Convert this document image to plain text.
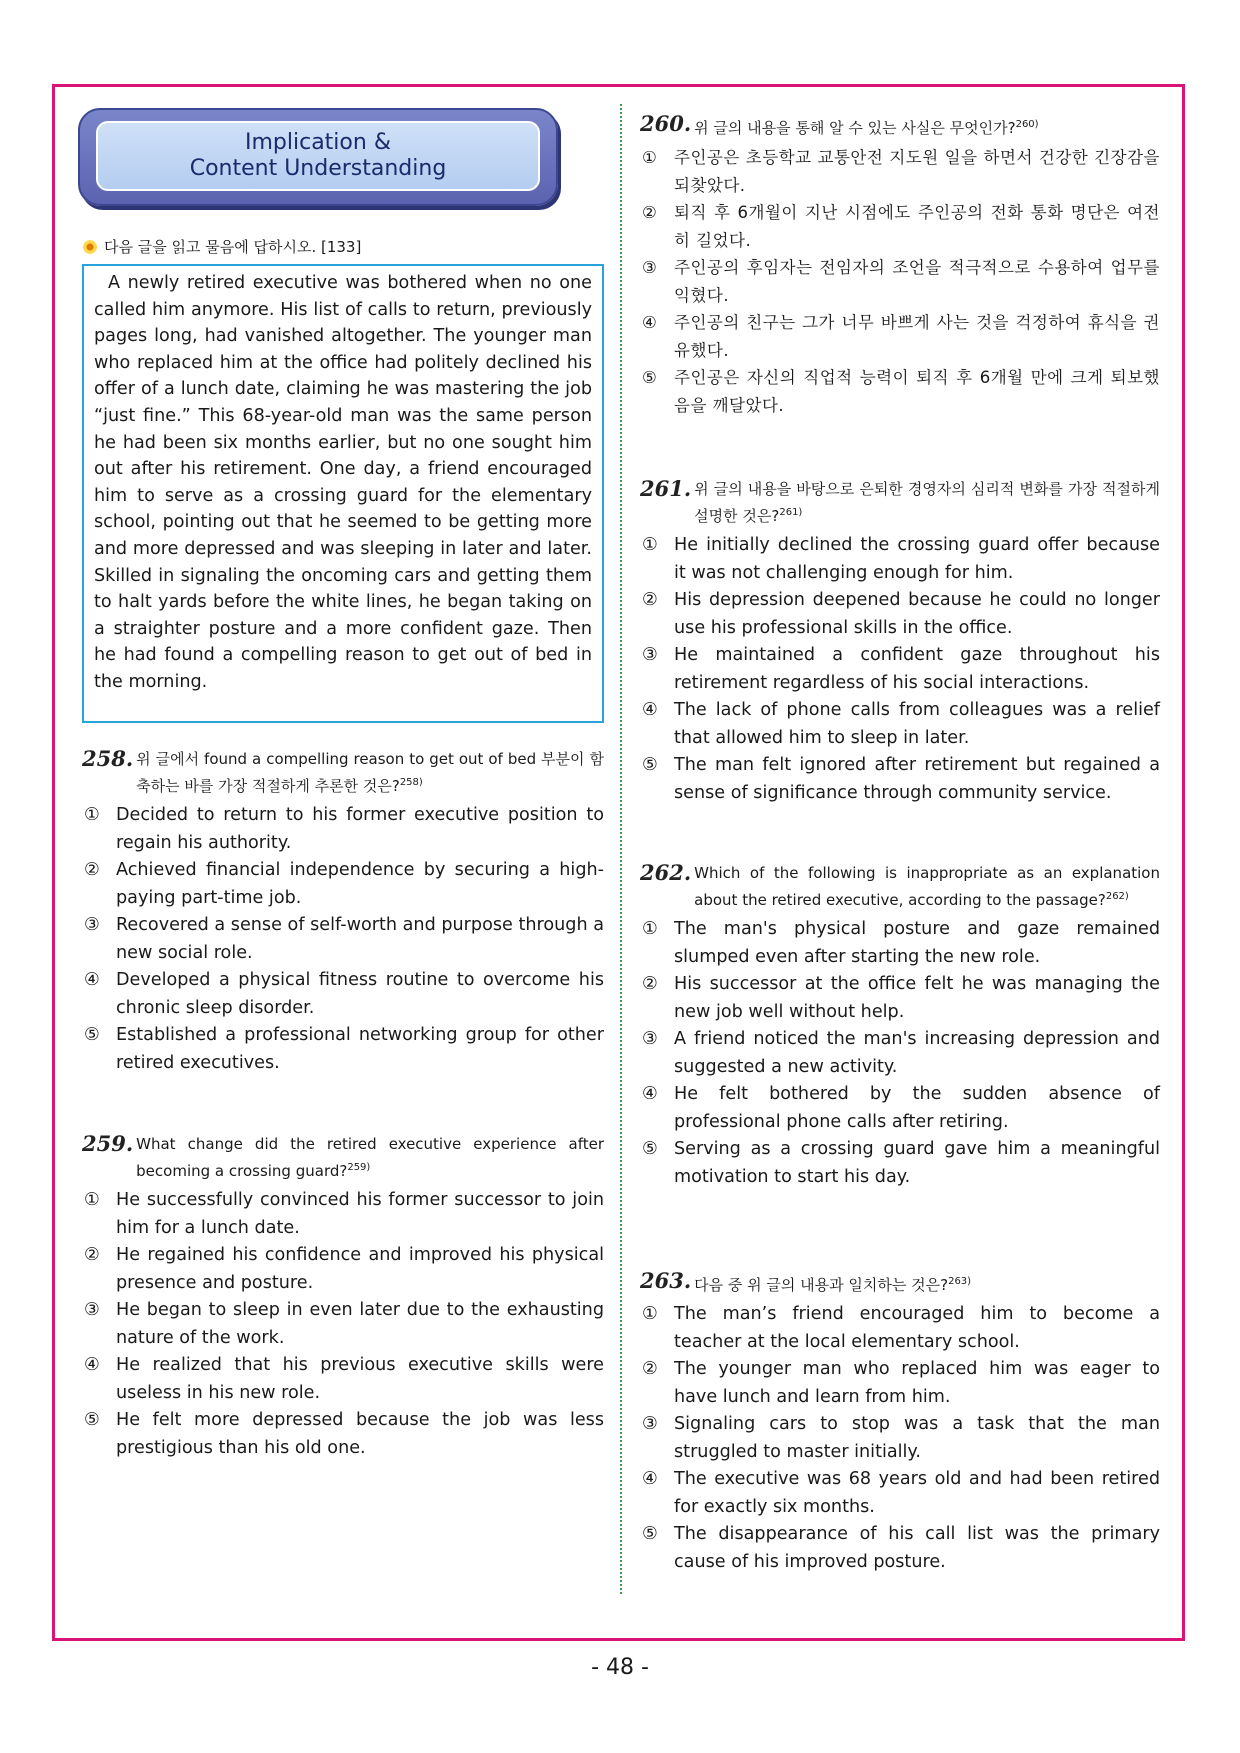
Implication &
Content Understanding
다음 글을 읽고 물음에 답하시오. [133]

A newly retired executive was bothered when no one called him anymore. His list of calls to return, previously pages long, had vanished altogether. The younger man who replaced him at the office had politely declined his offer of a lunch date, claiming he was mastering the job “just fine.” This 68-year-old man was the same person he had been six months earlier, but no one sought him out after his retirement. One day, a friend encouraged him to serve as a crossing guard for the elementary school, pointing out that he seemed to be getting more and more depressed and was sleeping in later and later. Skilled in signaling the oncoming cars and getting them to halt yards before the white lines, he began taking on a straighter posture and a more confident gaze. Then he had found a compelling reason to get out of bed in the morning.

258. 위 글에서 found a compelling reason to get out of bed 부분이 함축하는 바를 가장 적절하게 추론한 것은?$^{258)}$
① Decided to return to his former executive position to regain his authority.
② Achieved financial independence by securing a high-paying part-time job.
③ Recovered a sense of self-worth and purpose through a new social role.
④ Developed a physical fitness routine to overcome his chronic sleep disorder.
⑤ Established a professional networking group for other retired executives.
259. What change did the retired executive experience after becoming a crossing guard?$^{259)}$
① He successfully convinced his former successor to join him for a lunch date.
② He regained his confidence and improved his physical presence and posture.
③ He began to sleep in even later due to the exhausting nature of the work.
④ He realized that his previous executive skills were useless in his new role.
⑤ He felt more depressed because the job was less prestigious than his old one.
260. 위 글의 내용을 통해 알 수 있는 사실은 무엇인가?$^{260)}$
①	주인공은 초등학교 교통안전 지도원 일을 하면서 건강한 긴장감을 되찾았다.
②	퇴직 후 6개월이 지난 시점에도 주인공의 전화 통화 명단은 여전히 길었다.
③	주인공의 후임자는 전임자의 조언을 적극적으로 수용하여 업무를 익혔다.
④	주인공의 친구는 그가 너무 바쁘게 사는 것을 걱정하여 휴식을 권유했다.
⑤	주인공은 자신의 직업적 능력이 퇴직 후 6개월 만에 크게 퇴보했음을 깨달았다.
261. 위 글의 내용을 바탕으로 은퇴한 경영자의 심리적 변화를 가장 적절하게 설명한 것은?$^{261)}$
① He initially declined the crossing guard offer because it was not challenging enough for him.
② His depression deepened because he could no longer use his professional skills in the office.
③ He maintained a confident gaze throughout his retirement regardless of his social interactions.
④ The lack of phone calls from colleagues was a relief that allowed him to sleep in later.
⑤ The man felt ignored after retirement but regained a sense of significance through community service.
262. Which of the following is inappropriate as an explanation about the retired executive, according to the passage?$^{262)}$
① The man's physical posture and gaze remained slumped even after starting the new role.
② His successor at the office felt he was managing the new job well without help.
③ A friend noticed the man's increasing depression and suggested a new activity.
④ He felt bothered by the sudden absence of professional phone calls after retiring.
⑤ Serving as a crossing guard gave him a meaningful motivation to start his day.
263. 다음 중 위 글의 내용과 일치하는 것은?$^{263)}$
① The man’s friend encouraged him to become a teacher at the local elementary school.
② The younger man who replaced him was eager to have lunch and learn from him.
③ Signaling cars to stop was a task that the man struggled to master initially.
④ The executive was 68 years old and had been retired for exactly six months.
⑤ The disappearance of his call list was the primary cause of his improved posture.
- 48 -
